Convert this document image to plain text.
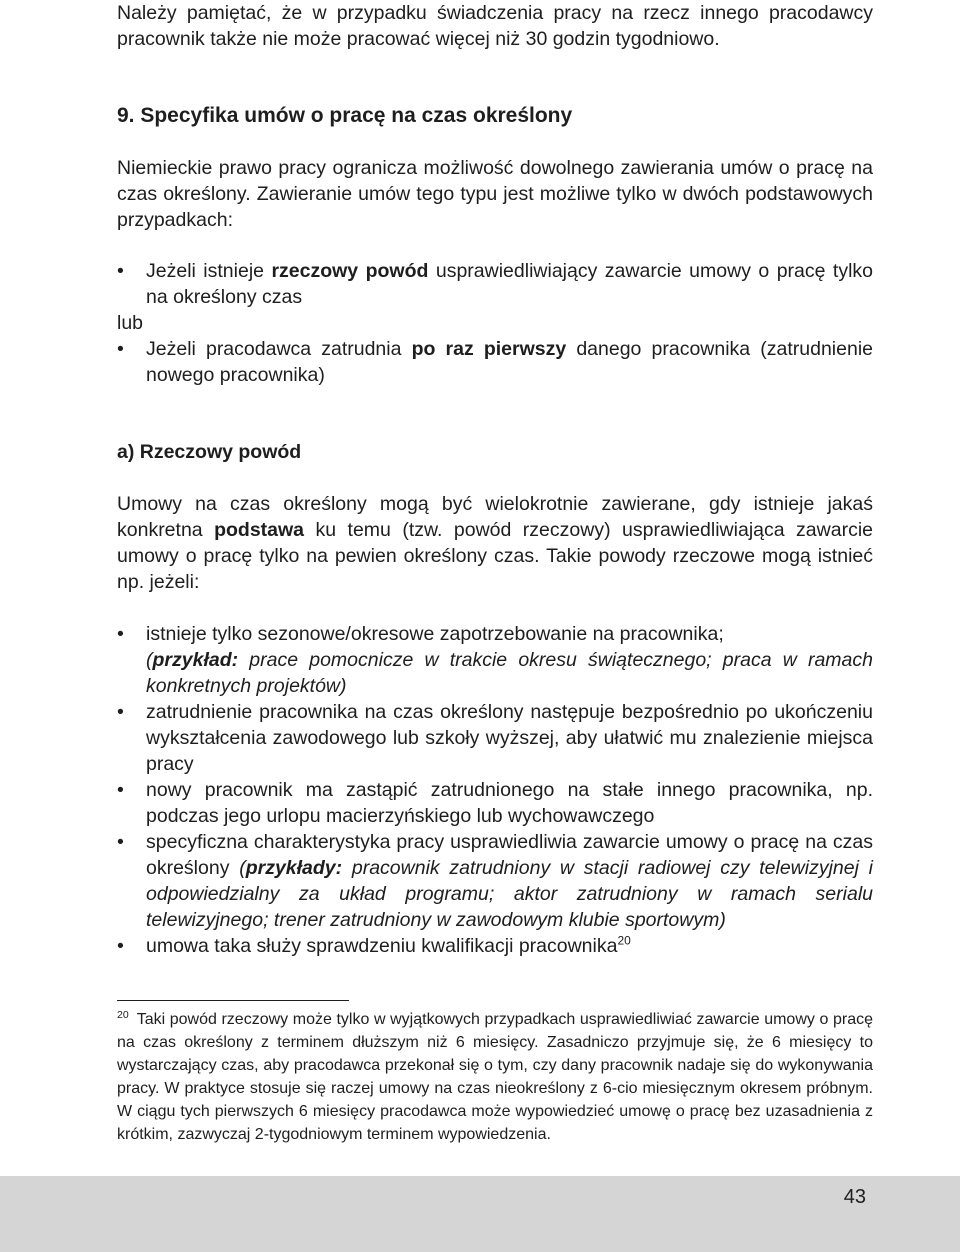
Należy pamiętać, że w przypadku świadczenia pracy na rzecz innego pracodawcy pracownik także nie może pracować więcej niż 30 godzin tygodniowo.

9. Specyfika umów o pracę na czas określony

Niemieckie prawo pracy ogranicza możliwość dowolnego zawierania umów o pracę na czas określony. Zawieranie umów tego typu jest możliwe tylko w dwóch podstawowych przypadkach:

• Jeżeli istnieje rzeczowy powód usprawiedliwiający zawarcie umowy o pracę tylko na określony czas

lub

• Jeżeli pracodawca zatrudnia po raz pierwszy danego pracownika (zatrudnienie nowego pracownika)

a) Rzeczowy powód

Umowy na czas określony mogą być wielokrotnie zawierane, gdy istnieje jakaś konkretna podstawa ku temu (tzw. powód rzeczowy) usprawiedliwiająca zawarcie umowy o pracę tylko na pewien określony czas. Takie powody rzeczowe mogą istnieć np. jeżeli:

• istnieje tylko sezonowe/okresowe zapotrzebowanie na pracownika;
(przykład: prace pomocnicze w trakcie okresu świątecznego; praca w ramach konkretnych projektów)
• zatrudnienie pracownika na czas określony następuje bezpośrednio po ukończeniu wykształcenia zawodowego lub szkoły wyższej, aby ułatwić mu znalezienie miejsca pracy
• nowy pracownik ma zastąpić zatrudnionego na stałe innego pracownika, np. podczas jego urlopu macierzyńskiego lub wychowawczego
• specyficzna charakterystyka pracy usprawiedliwia zawarcie umowy o pracę na czas określony (przykłady: pracownik zatrudniony w stacji radiowej czy telewizyjnej i odpowiedzialny za układ programu; aktor zatrudniony w ramach serialu telewizyjnego; trener zatrudniony w zawodowym klubie sportowym)
• umowa taka służy sprawdzeniu kwalifikacji pracownika$^{20}$

$^{20}$ Taki powód rzeczowy może tylko w wyjątkowych przypadkach usprawiedliwiać zawarcie umowy o pracę na czas określony z terminem dłuższym niż 6 miesięcy. Zasadniczo przyjmuje się, że 6 miesięcy to wystarczający czas, aby pracodawca przekonał się o tym, czy dany pracownik nadaje się do wykonywania pracy. W praktyce stosuje się raczej umowy na czas nieokreślony z 6-cio miesięcznym okresem próbnym. W ciągu tych pierwszych 6 miesięcy pracodawca może wypowiedzieć umowę o pracę bez uzasadnienia z krótkim, zazwyczaj 2-tygodniowym terminem wypowiedzenia.

43
